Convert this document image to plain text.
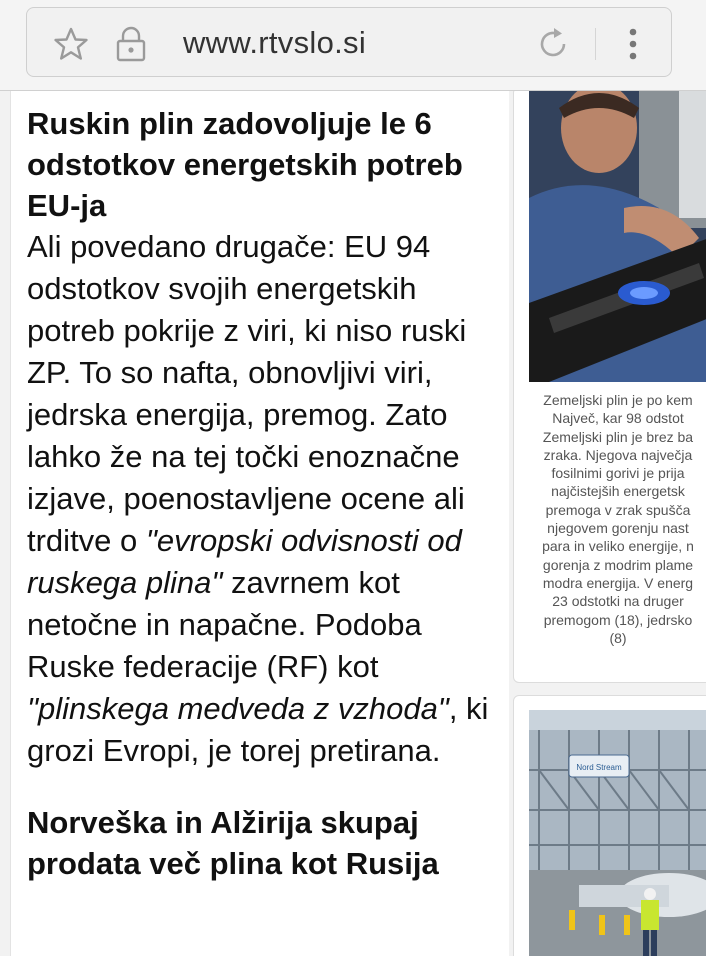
www.rtvslo.si
Ruskin plin zadovoljuje le 6 odstotkov energetskih potreb EU-ja

Ali povedano drugače: EU 94 odstotkov svojih energetskih potreb pokrije z viri, ki niso ruski ZP. To so nafta, obnovljivi viri, jedrska energija, premog. Zato lahko že na tej točki enoznačne izjave, poenostavljene ocene ali trditve o "evropski odvisnosti od ruskega plina" zavrnem kot netočne in napačne. Podoba Ruske federacije (RF) kot "plinskega medveda z vzhoda", ki grozi Evropi, je torej pretirana.

Norveška in Alžirija skupaj prodata več plina kot Rusija
Zemeljski plin je po kem
Največ, kar 98 odstot
Zemeljski plin je brez ba
zraka. Njegova največja
fosilnimi gorivi je prija
najčistejših energetsk
premoga v zrak spušča
njegovem gorenju nast
para in veliko energije, n
gorenja z modrim plame
modra energija. V energ
23 odstotki na druger
premogom (18), jedrsko
(8)
Nord Stream
